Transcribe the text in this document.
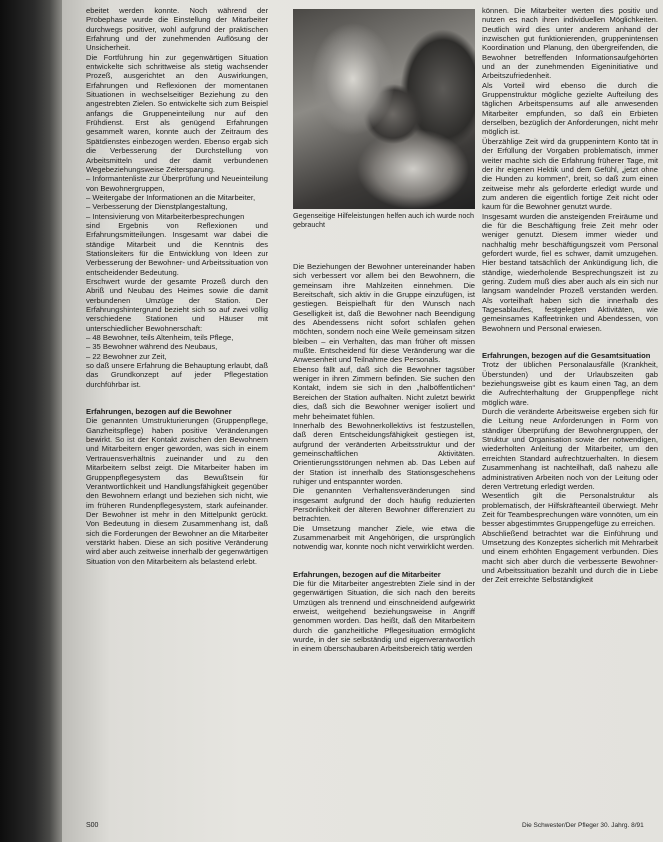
ebeitet werden konnte. Noch während der Probephase wurde die Einstellung der Mitarbeiter durchwegs positiver, wohl aufgrund der praktischen Erfahrung und der zunehmenden Auflösung der Unsicherheit.

Die Fortführung hin zur gegenwärtigen Situation entwickelte sich schrittweise als stetig wachsender Prozeß, ausgerichtet an den Auswirkungen, Erfahrungen und Reflexionen der momentanen Situationen in wechselseitiger Beziehung zu den angestrebten Zielen. So entwickelte sich zum Beispiel anfangs die Gruppeneinteilung nur auf den Frühdienst. Erst als genügend Erfahrungen gesammelt waren, konnte auch der Zeitraum des Spätdienstes einbezogen werden. Ebenso ergab sich die Verbesserung der Durchstellung von Arbeitsmitteln und der damit verbundenen Wegebeziehungsweise Zeitersparung.

– Informantenliste zur Überprüfung und Neueinteilung von Bewohnergruppen,

– Weitergabe der Informationen an die Mitarbeiter,

– Verbesserung der Dienstplangestaltung,

– Intensivierung von Mitarbeiterbesprechungen

sind Ergebnis von Reflexionen und Erfahrungsmitteilungen. Insgesamt war dabei die ständige Mitarbeit und die Kenntnis des Stationsleiters für die Entwicklung von Ideen zur Verbesserung der Bewohner- und Arbeitssituation von entscheidender Bedeutung.

Erschwert wurde der gesamte Prozeß durch den Abriß und Neubau des Heimes sowie die damit verbundenen Umzüge der Station. Der Erfahrungshintergrund bezieht sich so auf zwei völlig verschiedene Stationen und Häuser mit unterschiedlicher Bewohnerschaft:

– 48 Bewohner, teils Altenheim, teils Pflege,

– 35 Bewohner während des Neubaus,

– 22 Bewohner zur Zeit,

so daß unsere Erfahrung die Behauptung erlaubt, daß das Grundkonzept auf jeder Pflegestation durchführbar ist.

Erfahrungen, bezogen auf die Bewohner

Die genannten Umstrukturierungen (Gruppenpflege, Ganzheitspflege) haben positive Veränderungen bewirkt. So ist der Kontakt zwischen den Bewohnern und Mitarbeitern enger geworden, was sich in einem Vertrauensverhältnis zueinander und zu den Mitarbeitern selbst zeigt. Die Mitarbeiter haben im Gruppenpflegesystem das Bewußtsein für Verantwortlichkeit und Handlungsfähigkeit gegenüber den Bewohnern erlangt und beziehen sich nicht, wie im früheren Rundenpflegesystem, stark aufeinander. Der Bewohner ist mehr in den Mittelpunkt gerückt. Von Bedeutung in diesem Zusammenhang ist, daß sich die Forderungen der Bewohner an die Mitarbeiter verstärkt haben. Diese an sich positive Veränderung wird aber auch zeitweise innerhalb der gegenwärtigen Situation von den Mitarbeitern als belastend erlebt.

Gegenseitige Hilfeleistungen helfen auch ich wurde noch gebraucht

Die Beziehungen der Bewohner untereinander haben sich verbessert vor allem bei den Bewohnern, die gemeinsam ihre Mahlzeiten einnehmen. Die Bereitschaft, sich aktiv in die Gruppe einzufügen, ist gestiegen. Beispielhaft für den Wunsch nach Geselligkeit ist, daß die Bewohner nach Beendigung des Abendessens nicht sofort schlafen gehen möchten, sondern noch eine Weile gemeinsam sitzen bleiben – ein Verhalten, das man früher oft missen mußte. Entscheidend für diese Veränderung war die Anwesenheit und Teilnahme des Personals.

Ebenso fällt auf, daß sich die Bewohner tagsüber weniger in ihren Zimmern befinden. Sie suchen den Kontakt, indem sie sich in den „halböffentlichen“ Bereichen der Station aufhalten. Nicht zuletzt bewirkt dies, daß sich die Bewohner weniger isoliert und mehr beheimatet fühlen.

Innerhalb des Bewohnerkollektivs ist festzustellen, daß deren Entscheidungsfähigkeit gestiegen ist, aufgrund der veränderten Arbeitsstruktur und der gemeinschaftlichen Aktivitäten. Orientierungsstörungen nehmen ab. Das Leben auf der Station ist innerhalb des Stationsgeschehens ruhiger und entspannter worden.

Die genannten Verhaltensveränderungen sind insgesamt aufgrund der doch häufig reduzierten Persönlichkeit der älteren Bewohner differenziert zu betrachten.

Die Umsetzung mancher Ziele, wie etwa die Zusammenarbeit mit Angehörigen, die ursprünglich notwendig war, konnte noch nicht verwirklicht werden.

Erfahrungen, bezogen auf die Mitarbeiter

Die für die Mitarbeiter angestrebten Ziele sind in der gegenwärtigen Situation, die sich nach den bereits Umzügen als trennend und einschneidend aufgewirkt erweist, weitgehend beziehungsweise in Angriff genommen worden. Das heißt, daß den Mitarbeitern durch die ganzheitliche Pflegesituation ermöglicht wurde, in der sie selbständig und eigenverantwortlich in einem überschaubaren Arbeitsbereich tätig werden

können. Die Mitarbeiter werten dies positiv und nutzen es nach ihren individuellen Möglichkeiten. Deutlich wird dies unter anderem anhand der inzwischen gut funktionierenden, gruppenintensen Koordination und Planung, den übergreifenden, die Bewohner betreffenden Informationsaufgehörten und an der zunehmenden Eigeninitiative und Arbeitszufriedenheit.

Als Vorteil wird ebenso die durch die Gruppenstruktur mögliche gezielte Aufteilung des täglichen Arbeitspensums auf alle anwesenden Mitarbeiter empfunden, so daß ein Erbieten derselben, bezüglich der Anforderungen, nicht mehr möglich ist.

Überzählige Zeit wird da gruppenintern Konto tät in der Erfüllung der Vorgaben problematisch, immer weiter machte sich die Erfahrung früherer Tage, mit der ihr eigenen Hektik und dem Gefühl, „jetzt ohne die Hunden zu kommen“, breit, so daß zum einen zeitweise mehr als geforderte erledigt wurde und zum anderen die eigentlich fortige Zeit nicht oder kaum für die Bewohner genutzt wurde.

Insgesamt wurden die ansteigenden Freiräume und die für die Beschäftigung freie Zeit mehr oder weniger genutzt. Diesem immer wieder und nachhaltig mehr beschäftigungszeit vom Personal gefordert wurde, fiel es schwer, damit umzugehen. Hier bestand tatsächlich der Ankündigung lich, die ständige, wiederholende Besprechungszeit ist zu gering. Zudem muß dies aber auch als ein sich nur langsam wandelnder Prozeß verstanden werden. Als vorteilhaft haben sich die innerhalb des Tagesablaufes, festgelegten Aktivitäten, wie gemeinsames Kaffeetrinken und Abendessen, von Bewohnern und Personal erwiesen.

Erfahrungen, bezogen auf die Gesamtsituation

Trotz der üblichen Personalausfälle (Krankheit, Überstunden) und der Urlaubszeiten gab beziehungsweise gibt es kaum einen Tag, an dem die Aufrechterhaltung der Gruppenpflege nicht möglich wäre.

Durch die veränderte Arbeitsweise ergeben sich für die Leitung neue Anforderungen in Form von ständiger Überprüfung der Bewohnergruppen, der Struktur und Organisation sowie der notwendigen, wiederholten Anleitung der Mitarbeiter, um den erreichten Standard aufrechtzuerhalten. In diesem Zusammenhang ist nachteilhaft, daß nahezu alle administrativen Arbeiten noch von der Leitung oder deren Vertretung erledigt werden.

Wesentlich gilt die Personalstruktur als problematisch, der Hilfskräfteanteil überwiegt. Mehr Zeit für Teambesprechungen wäre vonnöten, um ein besser abgestimmtes Gruppengefüge zu erreichen.

Abschließend betrachtet war die Einführung und Umsetzung des Konzeptes sicherlich mit Mehrarbeit und einem erhöhten Engagement verbunden. Dies macht sich aber durch die verbesserte Bewohner- und Arbeitssituation bezahlt und durch die in Liebe der Zeit erreichte Selbständigkeit

S00	Die Schwester/Der Pfleger 30. Jahrg. 8/91
